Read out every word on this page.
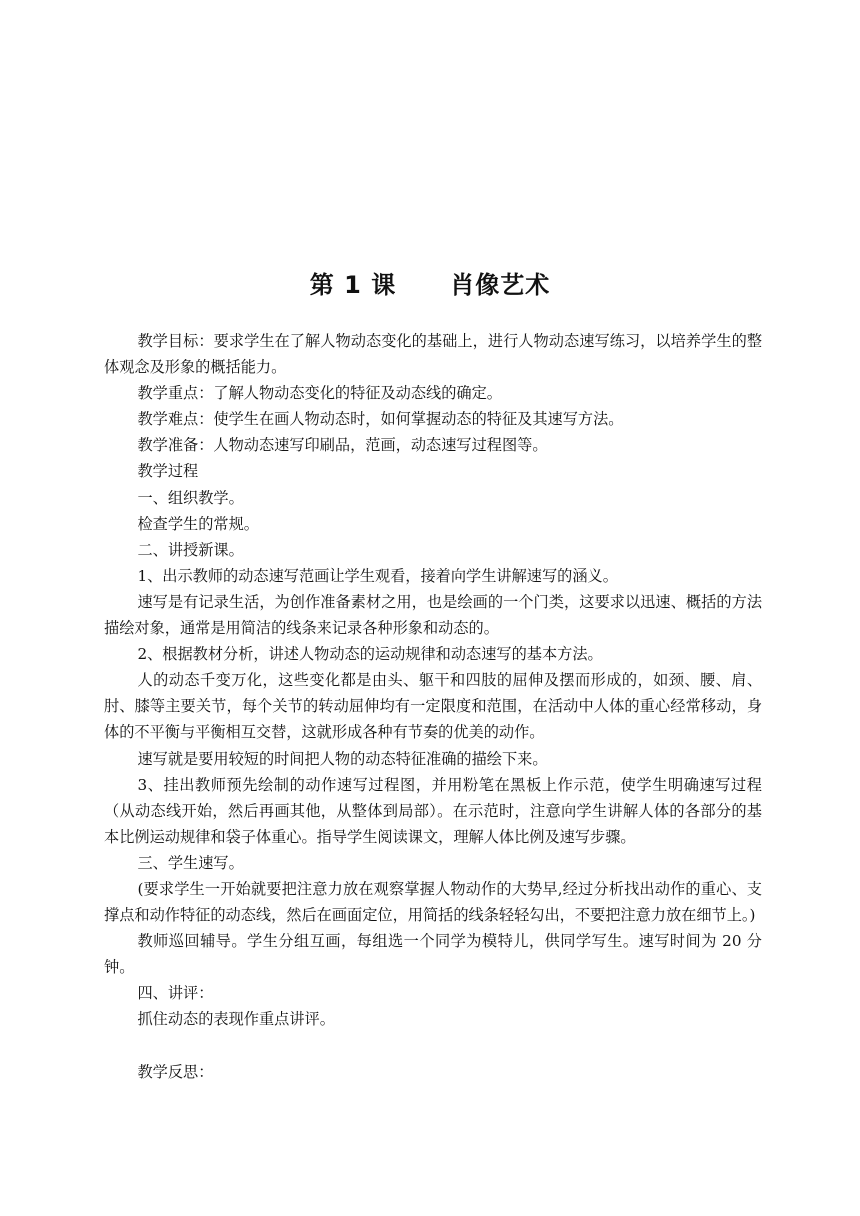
第 1 课 肖像艺术

教学目标：要求学生在了解人物动态变化的基础上，进行人物动态速写练习，以培养学生的整体观念及形象的概括能力。

教学重点：了解人物动态变化的特征及动态线的确定。

教学难点：使学生在画人物动态时，如何掌握动态的特征及其速写方法。

教学准备：人物动态速写印刷品，范画，动态速写过程图等。

教学过程

一、组织教学。

检查学生的常规。

二、讲授新课。

1、出示教师的动态速写范画让学生观看，接着向学生讲解速写的涵义。

速写是有记录生活，为创作准备素材之用，也是绘画的一个门类，这要求以迅速、概括的方法描绘对象，通常是用简洁的线条来记录各种形象和动态的。

2、根据教材分析，讲述人物动态的运动规律和动态速写的基本方法。

人的动态千变万化，这些变化都是由头、躯干和四肢的屈伸及摆而形成的，如颈、腰、肩、肘、膝等主要关节，每个关节的转动屈伸均有一定限度和范围，在活动中人体的重心经常移动，身体的不平衡与平衡相互交替，这就形成各种有节奏的优美的动作。

速写就是要用较短的时间把人物的动态特征准确的描绘下来。

3、挂出教师预先绘制的动作速写过程图，并用粉笔在黑板上作示范，使学生明确速写过程（从动态线开始，然后再画其他，从整体到局部）。在示范时，注意向学生讲解人体的各部分的基本比例运动规律和袋子体重心。指导学生阅读课文，理解人体比例及速写步骤。

三、学生速写。

(要求学生一开始就要把注意力放在观察掌握人物动作的大势早,经过分析找出动作的重心、支撑点和动作特征的动态线，然后在画面定位，用简括的线条轻轻勾出，不要把注意力放在细节上。)

教师巡回辅导。学生分组互画，每组选一个同学为模特儿，供同学写生。速写时间为 20 分钟。

四、讲评：

抓住动态的表现作重点讲评。

教学反思：
